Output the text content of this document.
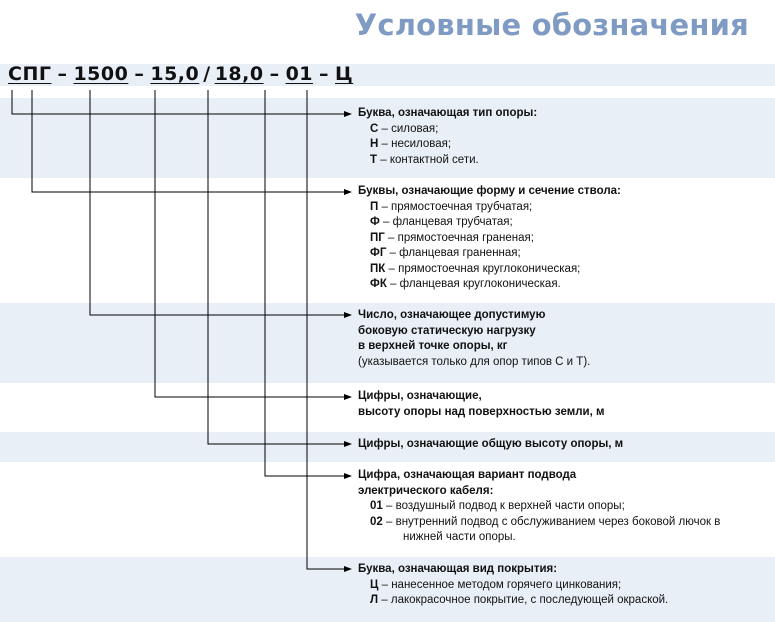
Условные обозначения
СПГ – 1500 – 15,0 / 18,0 – 01 – Ц
Буква, означающая тип опоры:
С – силовая;
Н – несиловая;
Т – контактной сети.
Буквы, означающие форму и сечение ствола:
П – прямостоечная трубчатая;
Ф – фланцевая трубчатая;
ПГ – прямостоечная граненая;
ФГ – фланцевая граненная;
ПК – прямостоечная круглоконическая;
ФК – фланцевая круглоконическая.
Число, означающее допустимую
боковую статическую нагрузку
в верхней точке опоры, кг
(указывается только для опор типов С и Т).
Цифры, означающие,
высоту опоры над поверхностью земли, м
Цифры, означающие общую высоту опоры, м
Цифра, означающая вариант подвода
электрического кабеля:
01 – воздушный подвод к верхней части опоры;
02 – внутренний подвод с обслуживанием через боковой лючок в
нижней части опоры.
Буква, означающая вид покрытия:
Ц – нанесенное методом горячего цинкования;
Л – лакокрасочное покрытие, с последующей окраской.
